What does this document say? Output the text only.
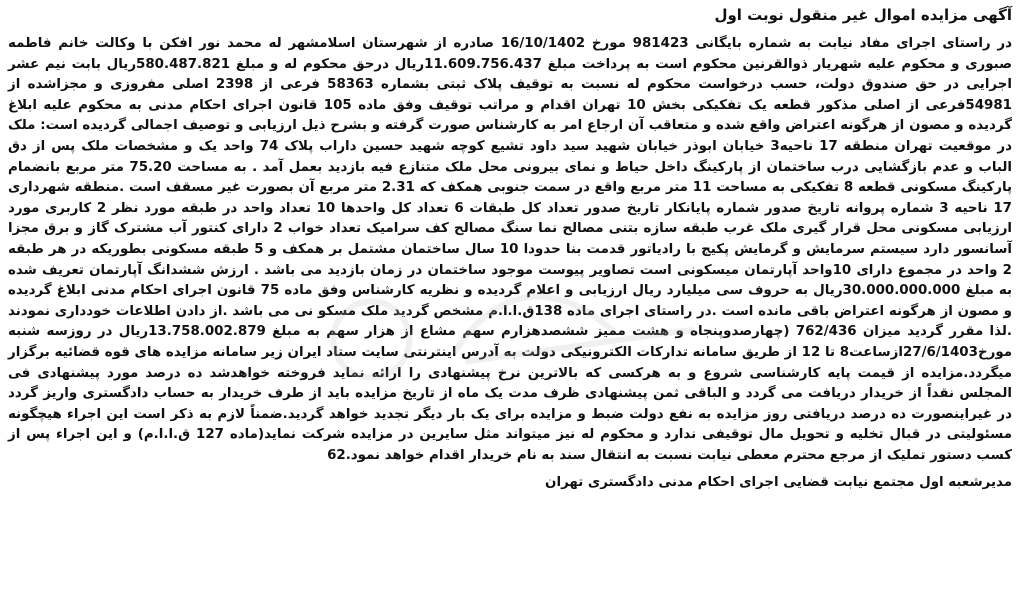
آگهی مزایده اموال غیر منقول نوبت اول
در راستای اجرای مفاد نیابت به شماره بایگانی 981423 مورخ 16/10/1402 صادره از شهرستان اسلامشهر له محمد نور افکن با وکالت خانم فاطمه صبوری و محکوم علیه شهریار ذوالقرنین محکوم است به پرداخت مبلغ 11.609.756.437ریال درحق محکوم له و مبلغ 580.487.821ریال بابت نیم عشر اجرایی در حق صندوق دولت، حسب درخواست محکوم له نسبت به توقیف پلاک ثبتی بشماره 58363 فرعی از 2398 اصلی مفروزی و مجزاشده از 54981فرعی از اصلی مذکور قطعه یک تفکیکی بخش 10 تهران اقدام و مراتب توقیف وفق ماده 105 قانون اجرای احکام مدنی به محکوم علیه ابلاغ گردیده و مصون از هرگونه اعتراض واقع شده و متعاقب آن ارجاع امر به کارشناس صورت گرفته و بشرح ذیل ارزیابی و توصیف اجمالی گردیده است: ملک در موقعیت تهران منطقه 17 ناحیه3 خیابان ابوذر خیابان شهید سید داود تشیع کوچه شهید حسین داراب پلاک 74 واحد یک و مشخصات ملک پس از دق الباب و عدم بازگشایی درب ساختمان از پارکینگ داخل حیاط و نمای بیرونی محل ملک متنازع فیه بازدید بعمل آمد . به مساحت 75.20 متر مربع بانضمام پارکینگ مسکونی قطعه 8 تفکیکی به مساحت 11 متر مربع واقع در سمت جنوبی همکف که 2.31 متر مربع آن بصورت غیر مسقف است .منطقه شهرداری 17 ناحیه 3 شماره پروانه تاریخ صدور شماره پایانکار تاریخ صدور تعداد کل طبقات 6 تعداد کل واحدها 10 تعداد واحد در طبقه مورد نظر 2 کاربری مورد ارزیابی مسکونی محل قرار گیری ملک غرب طبقه سازه بتنی مصالح نما سنگ مصالح کف سرامیک تعداد خواب 2 دارای کنتور آب مشترک گاز و برق مجزا آسانسور دارد سیستم سرمایش و گرمایش پکیج با رادیاتور قدمت بنا حدودا 10 سال ساختمان مشتمل بر همکف و 5 طبقه مسکونی بطوریکه در هر طبقه 2 واحد در مجموع دارای 10واحد آپارتمان میسکونی است تصاویر پیوست موجود ساختمان در زمان بازدید می باشد . ارزش ششدانگ آپارتمان تعریف شده به مبلغ 30.000.000.000ریال به حروف سی میلیارد ریال ارزیابی و اعلام گردیده و نظریه کارشناس وفق ماده 75 قانون اجرای احکام مدنی ابلاغ گردیده و مصون از هرگونه اعتراض باقی مانده است .در راستای اجرای ماده 138ق.ا.ا.م مشخص گردید ملک مسکو نی می باشد .از دادن اطلاعات خودداری نمودند .لذا مقرر گردید میزان 762/436 (چهارصدوپنجاه و هشت ممیز ششصدهزارم سهم مشاع از هزار سهم به مبلغ 13.758.002.879ریال در روزسه شنبه مورخ27/6/1403ازساعت8 تا 12 از طریق سامانه تدارکات الکترونیکی دولت به آدرس اینترنتی سایت ستاد ایران زیر سامانه مزایده های قوه قضائیه برگزار میگردد.مزایده از قیمت پایه کارشناسی شروع و به هرکسی که بالاترین نرخ پیشنهادی را ارائه نماید فروخته خواهدشد ده درصد مورد پیشنهادی فی المجلس نقداً از خریدار دریافت می گردد و الباقی ثمن پیشنهادی ظرف مدت یک ماه از تاریخ مزایده باید از طرف خریدار به حساب دادگستری واریز گردد در غیراینصورت ده درصد دریافتی روز مزایده به نفع دولت ضبط و مزایده برای یک بار دیگر تجدید خواهد گردید.ضمناً لازم به ذکر است این اجراء هیچگونه مسئولیتی در قبال تخلیه و تحویل مال توقیفی ندارد و محکوم له نیز میتواند مثل سایرین در مزایده شرکت نماید(ماده 127 ق.ا.ا.م) و این اجراء پس از کسب دستور تملیک از مرجع محترم معطی نیابت نسبت به انتقال سند به نام خریدار اقدام خواهد نمود.62
مدیرشعبه اول مجتمع نیابت قضایی اجرای احکام مدنی دادگستری تهران
